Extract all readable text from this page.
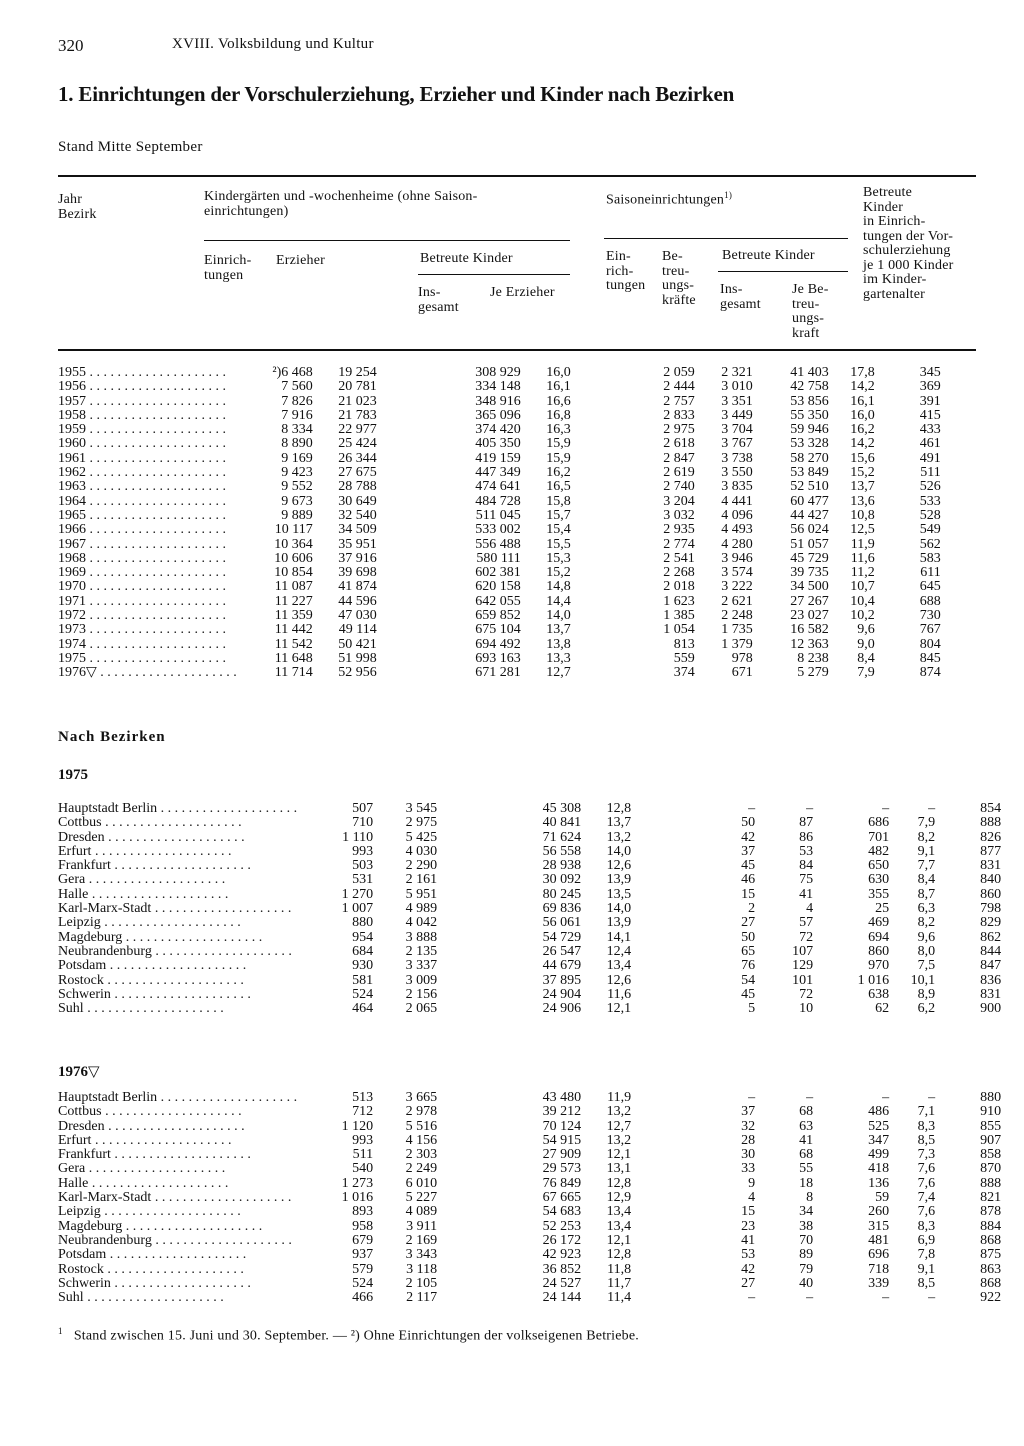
320	XVIII. Volksbildung und Kultur
1. Einrichtungen der Vorschulerziehung, Erzieher und Kinder nach Bezirken
Stand Mitte September
Jahr
Bezirk
Kindergärten und -wochenheime (ohne Saison-
einrichtungen)
Einrich-
tungen
Erzieher	Betreute Kinder
Ins-
gesamt
Je Erzieher
Saisoneinrichtungen$^{1)}$
Ein-
rich-
tungen
Be-
treu-
ungs-
kräfte
Betreute Kinder
Ins-
gesamt
Je Be-
treu-
ungs-
kraft
Betreute
Kinder
in Einrich-
tungen der Vor-
schulerziehung
je 1 000 Kinder
im Kinder-
gartenalter
1955 . . .	²)6 468	19 254	308 929	16,0	2 059	2 321	41 403	17,8	345
1956 . . .	7 560	20 781	334 148	16,1	2 444	3 010	42 758	14,2	369
1957 . . .	7 826	21 023	348 916	16,6	2 757	3 351	53 856	16,1	391
1958 . . .	7 916	21 783	365 096	16,8	2 833	3 449	55 350	16,0	415
1959 . . .	8 334	22 977	374 420	16,3	2 975	3 704	59 946	16,2	433
1960 . . .	8 890	25 424	405 350	15,9	2 618	3 767	53 328	14,2	461
1961 . . .	9 169	26 344	419 159	15,9	2 847	3 738	58 270	15,6	491
1962 . . .	9 423	27 675	447 349	16,2	2 619	3 550	53 849	15,2	511
1963 . . .	9 552	28 788	474 641	16,5	2 740	3 835	52 510	13,7	526
1964 . . .	9 673	30 649	484 728	15,8	3 204	4 441	60 477	13,6	533
1965 . . .	9 889	32 540	511 045	15,7	3 032	4 096	44 427	10,8	528
1966 . . .	10 117	34 509	533 002	15,4	2 935	4 493	56 024	12,5	549
1967 . . .	10 364	35 951	556 488	15,5	2 774	4 280	51 057	11,9	562
1968 . . .	10 606	37 916	580 111	15,3	2 541	3 946	45 729	11,6	583
1969 . . .	10 854	39 698	602 381	15,2	2 268	3 574	39 735	11,2	611
1970 . . .	11 087	41 874	620 158	14,8	2 018	3 222	34 500	10,7	645
1971 . . .	11 227	44 596	642 055	14,4	1 623	2 621	27 267	10,4	688
1972 . . .	11 359	47 030	659 852	14,0	1 385	2 248	23 027	10,2	730
1973 . . .	11 442	49 114	675 104	13,7	1 054	1 735	16 582	9,6	767
1974 . . .	11 542	50 421	694 492	13,8	813	1 379	12 363	9,0	804
1975 . . .	11 648	51 998	693 163	13,3	559	978	8 238	8,4	845
1976▽ . . .	11 714	52 956	671 281	12,7	374	671	5 279	7,9	874
Nach Bezirken
1975
Hauptstadt Berlin . . .	507	3 545	45 308	12,8	–	–	–	–	854
Cottbus . . .	710	2 975	40 841	13,7	50	87	686	7,9	888
Dresden . . .	1 110	5 425	71 624	13,2	42	86	701	8,2	826
Erfurt . . .	993	4 030	56 558	14,0	37	53	482	9,1	877
Frankfurt . . .	503	2 290	28 938	12,6	45	84	650	7,7	831
Gera . . .	531	2 161	30 092	13,9	46	75	630	8,4	840
Halle . . .	1 270	5 951	80 245	13,5	15	41	355	8,7	860
Karl-Marx-Stadt . . .	1 007	4 989	69 836	14,0	2	4	25	6,3	798
Leipzig . . .	880	4 042	56 061	13,9	27	57	469	8,2	829
Magdeburg . . .	954	3 888	54 729	14,1	50	72	694	9,6	862
Neubrandenburg . . .	684	2 135	26 547	12,4	65	107	860	8,0	844
Potsdam . . .	930	3 337	44 679	13,4	76	129	970	7,5	847
Rostock . . .	581	3 009	37 895	12,6	54	101	1 016	10,1	836
Schwerin . . .	524	2 156	24 904	11,6	45	72	638	8,9	831
Suhl . . .	464	2 065	24 906	12,1	5	10	62	6,2	900
1976▽
Hauptstadt Berlin . . .	513	3 665	43 480	11,9	–	–	–	–	880
Cottbus . . .	712	2 978	39 212	13,2	37	68	486	7,1	910
Dresden . . .	1 120	5 516	70 124	12,7	32	63	525	8,3	855
Erfurt . . .	993	4 156	54 915	13,2	28	41	347	8,5	907
Frankfurt . . .	511	2 303	27 909	12,1	30	68	499	7,3	858
Gera . . .	540	2 249	29 573	13,1	33	55	418	7,6	870
Halle . . .	1 273	6 010	76 849	12,8	9	18	136	7,6	888
Karl-Marx-Stadt . . .	1 016	5 227	67 665	12,9	4	8	59	7,4	821
Leipzig . . .	893	4 089	54 683	13,4	15	34	260	7,6	878
Magdeburg . . .	958	3 911	52 253	13,4	23	38	315	8,3	884
Neubrandenburg . . .	679	2 169	26 172	12,1	41	70	481	6,9	868
Potsdam . . .	937	3 343	42 923	12,8	53	89	696	7,8	875
Rostock . . .	579	3 118	36 852	11,8	42	79	718	9,1	863
Schwerin . . .	524	2 105	24 527	11,7	27	40	339	8,5	868
Suhl . . .	466	2 117	24 144	11,4	–	–	–	–	922
$^1$ Stand zwischen 15. Juni und 30. September. — ²) Ohne Einrichtungen der volkseigenen Betriebe.
